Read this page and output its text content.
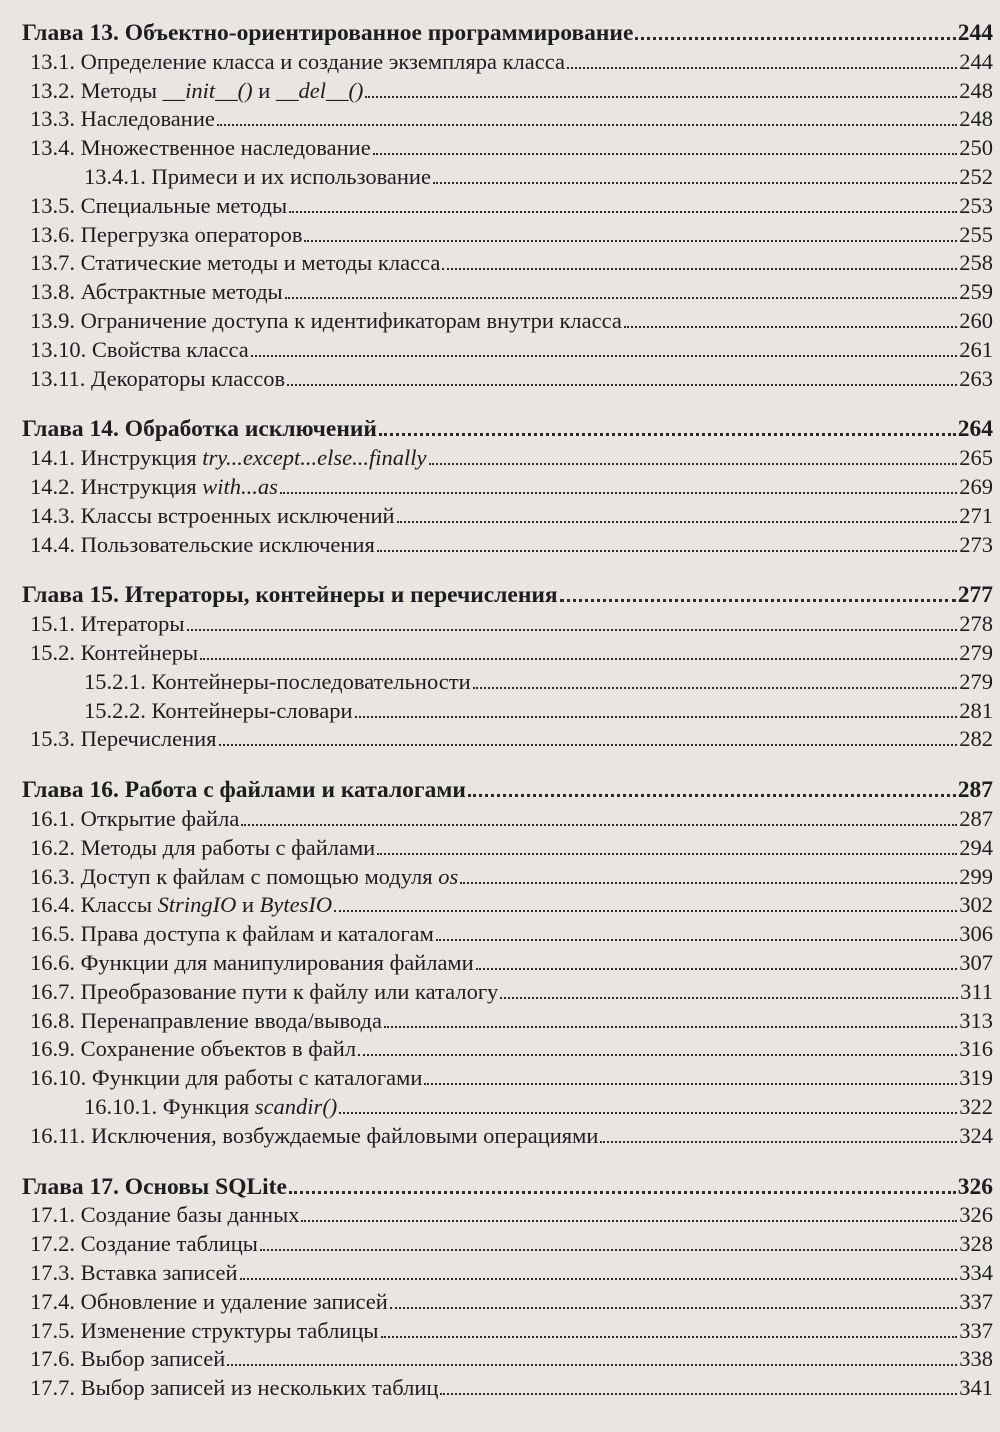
Глава 13. Объектно-ориентированное программирование	244
13.1. Определение класса и создание экземпляра класса	244
13.2. Методы __init__() и __del__()	248
13.3. Наследование	248
13.4. Множественное наследование	250
13.4.1. Примеси и их использование	252
13.5. Специальные методы	253
13.6. Перегрузка операторов	255
13.7. Статические методы и методы класса	258
13.8. Абстрактные методы	259
13.9. Ограничение доступа к идентификаторам внутри класса	260
13.10. Свойства класса	261
13.11. Декораторы классов	263
Глава 14. Обработка исключений	264
14.1. Инструкция try...except...else...finally	265
14.2. Инструкция with...as	269
14.3. Классы встроенных исключений	271
14.4. Пользовательские исключения	273
Глава 15. Итераторы, контейнеры и перечисления	277
15.1. Итераторы	278
15.2. Контейнеры	279
15.2.1. Контейнеры-последовательности	279
15.2.2. Контейнеры-словари	281
15.3. Перечисления	282
Глава 16. Работа с файлами и каталогами	287
16.1. Открытие файла	287
16.2. Методы для работы с файлами	294
16.3. Доступ к файлам с помощью модуля os	299
16.4. Классы StringIO и BytesIO	302
16.5. Права доступа к файлам и каталогам	306
16.6. Функции для манипулирования файлами	307
16.7. Преобразование пути к файлу или каталогу	311
16.8. Перенаправление ввода/вывода	313
16.9. Сохранение объектов в файл	316
16.10. Функции для работы с каталогами	319
16.10.1. Функция scandir()	322
16.11. Исключения, возбуждаемые файловыми операциями	324
Глава 17. Основы SQLite	326
17.1. Создание базы данных	326
17.2. Создание таблицы	328
17.3. Вставка записей	334
17.4. Обновление и удаление записей	337
17.5. Изменение структуры таблицы	337
17.6. Выбор записей	338
17.7. Выбор записей из нескольких таблиц	341
